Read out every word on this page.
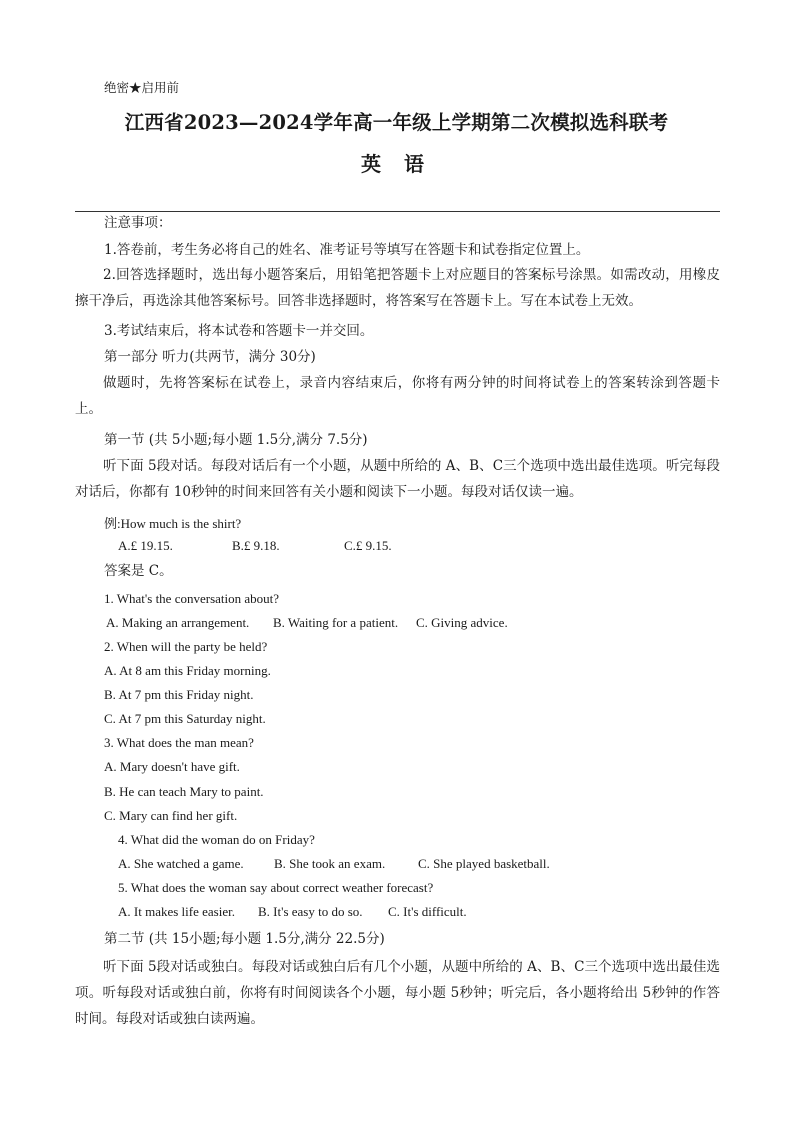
绝密★启用前
江西省2023—2024学年高一年级上学期第二次模拟选科联考
英 语
注意事项：
1.答卷前，考生务必将自己的姓名、准考证号等填写在答题卡和试卷指定位置上。
2.回答选择题时，选出每小题答案后，用铅笔把答题卡上对应题目的答案标号涂黑。如需改动，用橡皮擦干净后，再选涂其他答案标号。回答非选择题时，将答案写在答题卡上。写在本试卷上无效。
3.考试结束后，将本试卷和答题卡一并交回。
第一部分 听力(共两节，满分 30分)
做题时，先将答案标在试卷上，录音内容结束后，你将有两分钟的时间将试卷上的答案转涂到答题卡上。
第一节 (共 5小题;每小题 1.5分,满分 7.5分)
听下面 5段对话。每段对话后有一个小题，从题中所给的 A、B、C三个选项中选出最佳选项。听完每段对话后，你都有 10秒钟的时间来回答有关小题和阅读下一小题。每段对话仅读一遍。
例:How much is the shirt?
A.£ 19.15.	B.£ 9.18.	C.£ 9.15.
答案是 C。
1. What's the conversation about?
A. Making an arrangement. B. Waiting for a patient. C. Giving advice.
2. When will the party be held?
A. At 8 am this Friday morning.
B. At 7 pm this Friday night.
C. At 7 pm this Saturday night.
3. What does the man mean?
A. Mary doesn't have gift.
B. He can teach Mary to paint.
C. Mary can find her gift.
4. What did the woman do on Friday?
A. She watched a game. B. She took an exam.	C. She played basketball.
5. What does the woman say about correct weather forecast?
A. It makes life easier. B. It's easy to do so. C. It's difficult.
第二节 (共 15小题;每小题 1.5分,满分 22.5分)
听下面 5段对话或独白。每段对话或独白后有几个小题，从题中所给的 A、B、C三个选项中选出最佳选项。听每段对话或独白前，你将有时间阅读各个小题，每小题 5秒钟；听完后，各小题将给出 5秒钟的作答时间。每段对话或独白读两遍。
